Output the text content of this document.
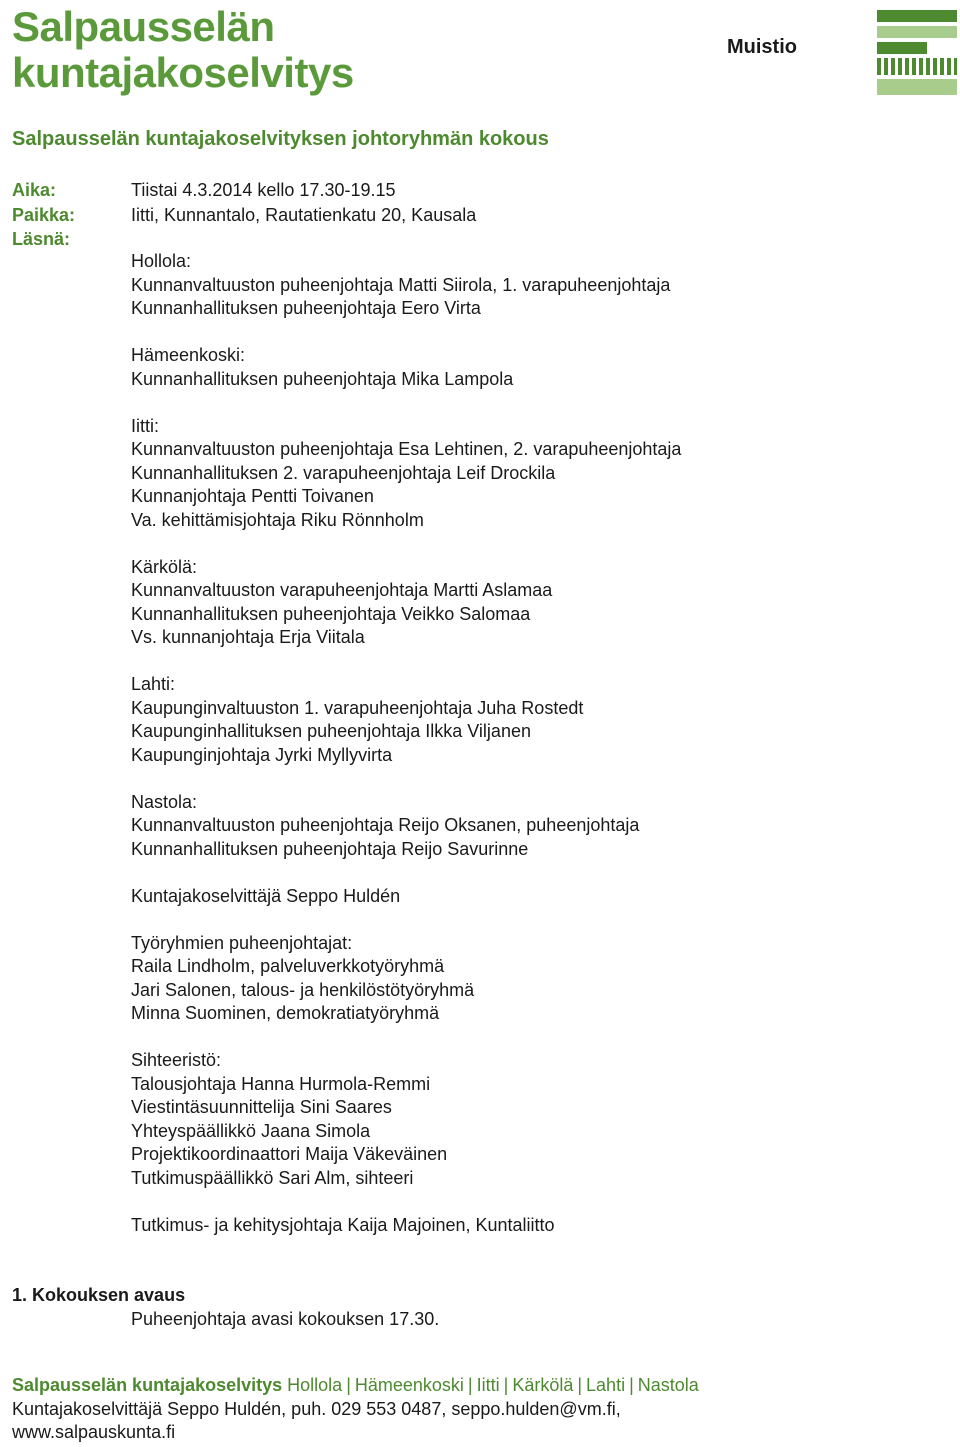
Salpausselän
kuntajakoselvitys
Muistio
Salpausselän kuntajakoselvityksen johtoryhmän kokous
Aika:	Tiistai 4.3.2014 kello 17.30-19.15
Paikka:	Iitti, Kunnantalo, Rautatienkatu 20, Kausala
Läsnä:
Hollola:
Kunnanvaltuuston puheenjohtaja Matti Siirola, 1. varapuheenjohtaja
Kunnanhallituksen puheenjohtaja Eero Virta
Hämeenkoski:
Kunnanhallituksen puheenjohtaja Mika Lampola
Iitti:
Kunnanvaltuuston puheenjohtaja Esa Lehtinen, 2. varapuheenjohtaja
Kunnanhallituksen 2. varapuheenjohtaja Leif Drockila
Kunnanjohtaja Pentti Toivanen
Va. kehittämisjohtaja Riku Rönnholm
Kärkölä:
Kunnanvaltuuston varapuheenjohtaja Martti Aslamaa
Kunnanhallituksen puheenjohtaja Veikko Salomaa
Vs. kunnanjohtaja Erja Viitala
Lahti:
Kaupunginvaltuuston 1. varapuheenjohtaja Juha Rostedt
Kaupunginhallituksen puheenjohtaja Ilkka Viljanen
Kaupunginjohtaja Jyrki Myllyvirta
Nastola:
Kunnanvaltuuston puheenjohtaja Reijo Oksanen, puheenjohtaja
Kunnanhallituksen puheenjohtaja Reijo Savurinne
Kuntajakoselvittäjä Seppo Huldén
Työryhmien puheenjohtajat:
Raila Lindholm, palveluverkkotyöryhmä
Jari Salonen, talous- ja henkilöstötyöryhmä
Minna Suominen, demokratiatyöryhmä
Sihteeristö:
Talousjohtaja Hanna Hurmola-Remmi
Viestintäsuunnittelija Sini Saares
Yhteyspäällikkö Jaana Simola
Projektikoordinaattori Maija Väkeväinen
Tutkimuspäällikkö Sari Alm, sihteeri
Tutkimus- ja kehitysjohtaja Kaija Majoinen, Kuntaliitto
1. Kokouksen avaus
Puheenjohtaja avasi kokouksen 17.30.
Salpausselän kuntajakoselvitys Hollola | Hämeenkoski | Iitti | Kärkölä | Lahti | Nastola
Kuntajakoselvittäjä Seppo Huldén, puh. 029 553 0487, seppo.hulden@vm.fi,
www.salpauskunta.fi
